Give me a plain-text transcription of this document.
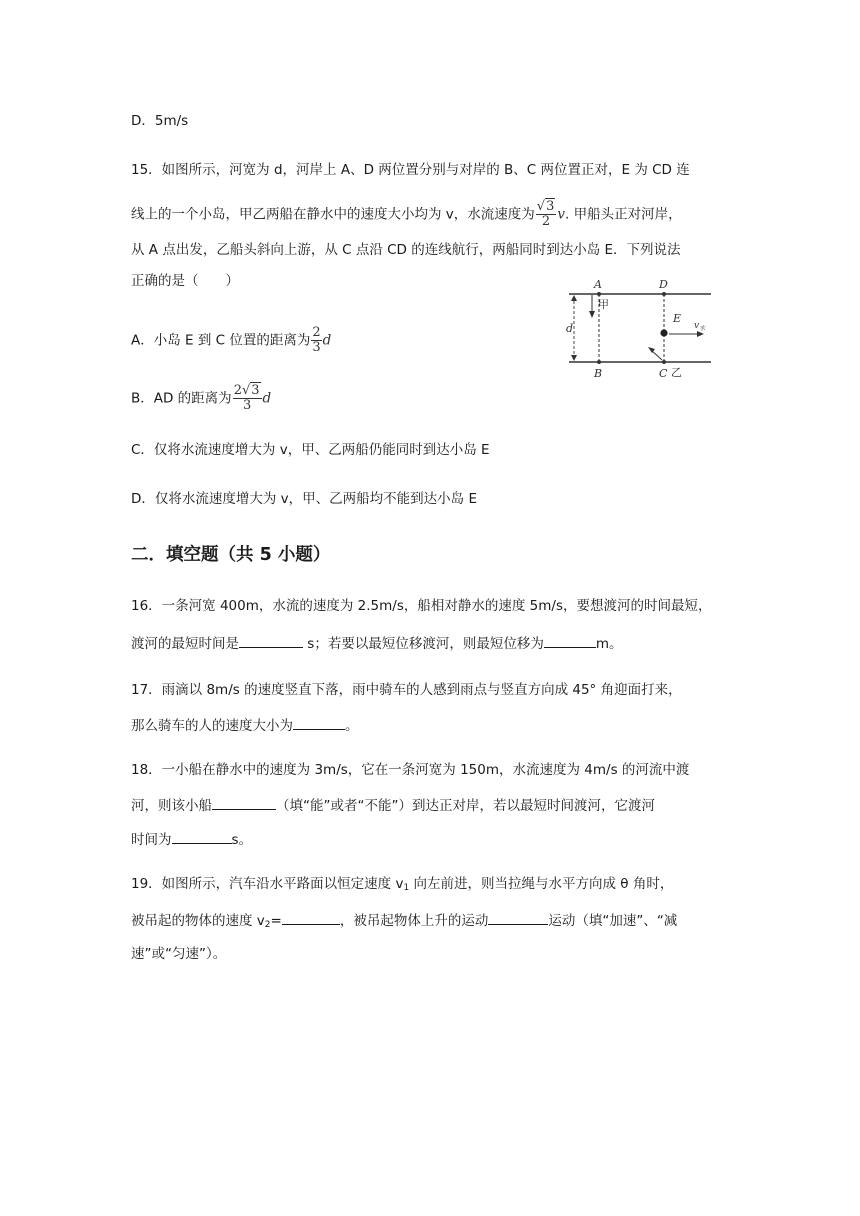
D．5m/s
15．如图所示，河宽为 d，河岸上 A、D 两位置分别与对岸的 B、C 两位置正对，E 为 CD 连
线上的一个小岛，甲乙两船在静水中的速度大小均为 v，水流速度为 $\frac{√3}{2} v$. 甲船头正对河岸，
从 A 点出发，乙船头斜向上游，从 C 点沿 CD 的连线航行，两船同时到达小岛 E．下列说法
正确的是（　　）
A．小岛 E 到 C 位置的距离为 $\frac{2}{3}$ d
B．AD 的距离为 $\frac{2√3}{3}$ d
C．仅将水流速度增大为 v，甲、乙两船仍能同时到达小岛 E
D．仅将水流速度增大为 v，甲、乙两船均不能到达小岛 E
d
甲
E
$v_水$
A	D
B	C 乙
二．填空题（共 5 小题）
16．一条河宽 400m，水流的速度为 2.5m/s，船相对静水的速度 5m/s，要想渡河的时间最短，
渡河的最短时间是	s；若要以最短位移渡河，则最短位移为	m。
17．雨滴以 8m/s 的速度竖直下落，雨中骑车的人感到雨点与竖直方向成 45° 角迎面打来，
那么骑车的人的速度大小为	。
18．一小船在静水中的速度为 3m/s，它在一条河宽为 150m，水流速度为 4m/s 的河流中渡
河，则该小船	（填“能”或者“不能”）到达正对岸，若以最短时间渡河，它渡河
时间为	s。
19．如图所示，汽车沿水平路面以恒定速度 $v_1$ 向左前进，则当拉绳与水平方向成 θ 角时，
被吊起的物体的速度 $v_2=$	，被吊起物体上升的运动	运动（填“加速”、“减
速”或“匀速”）。
